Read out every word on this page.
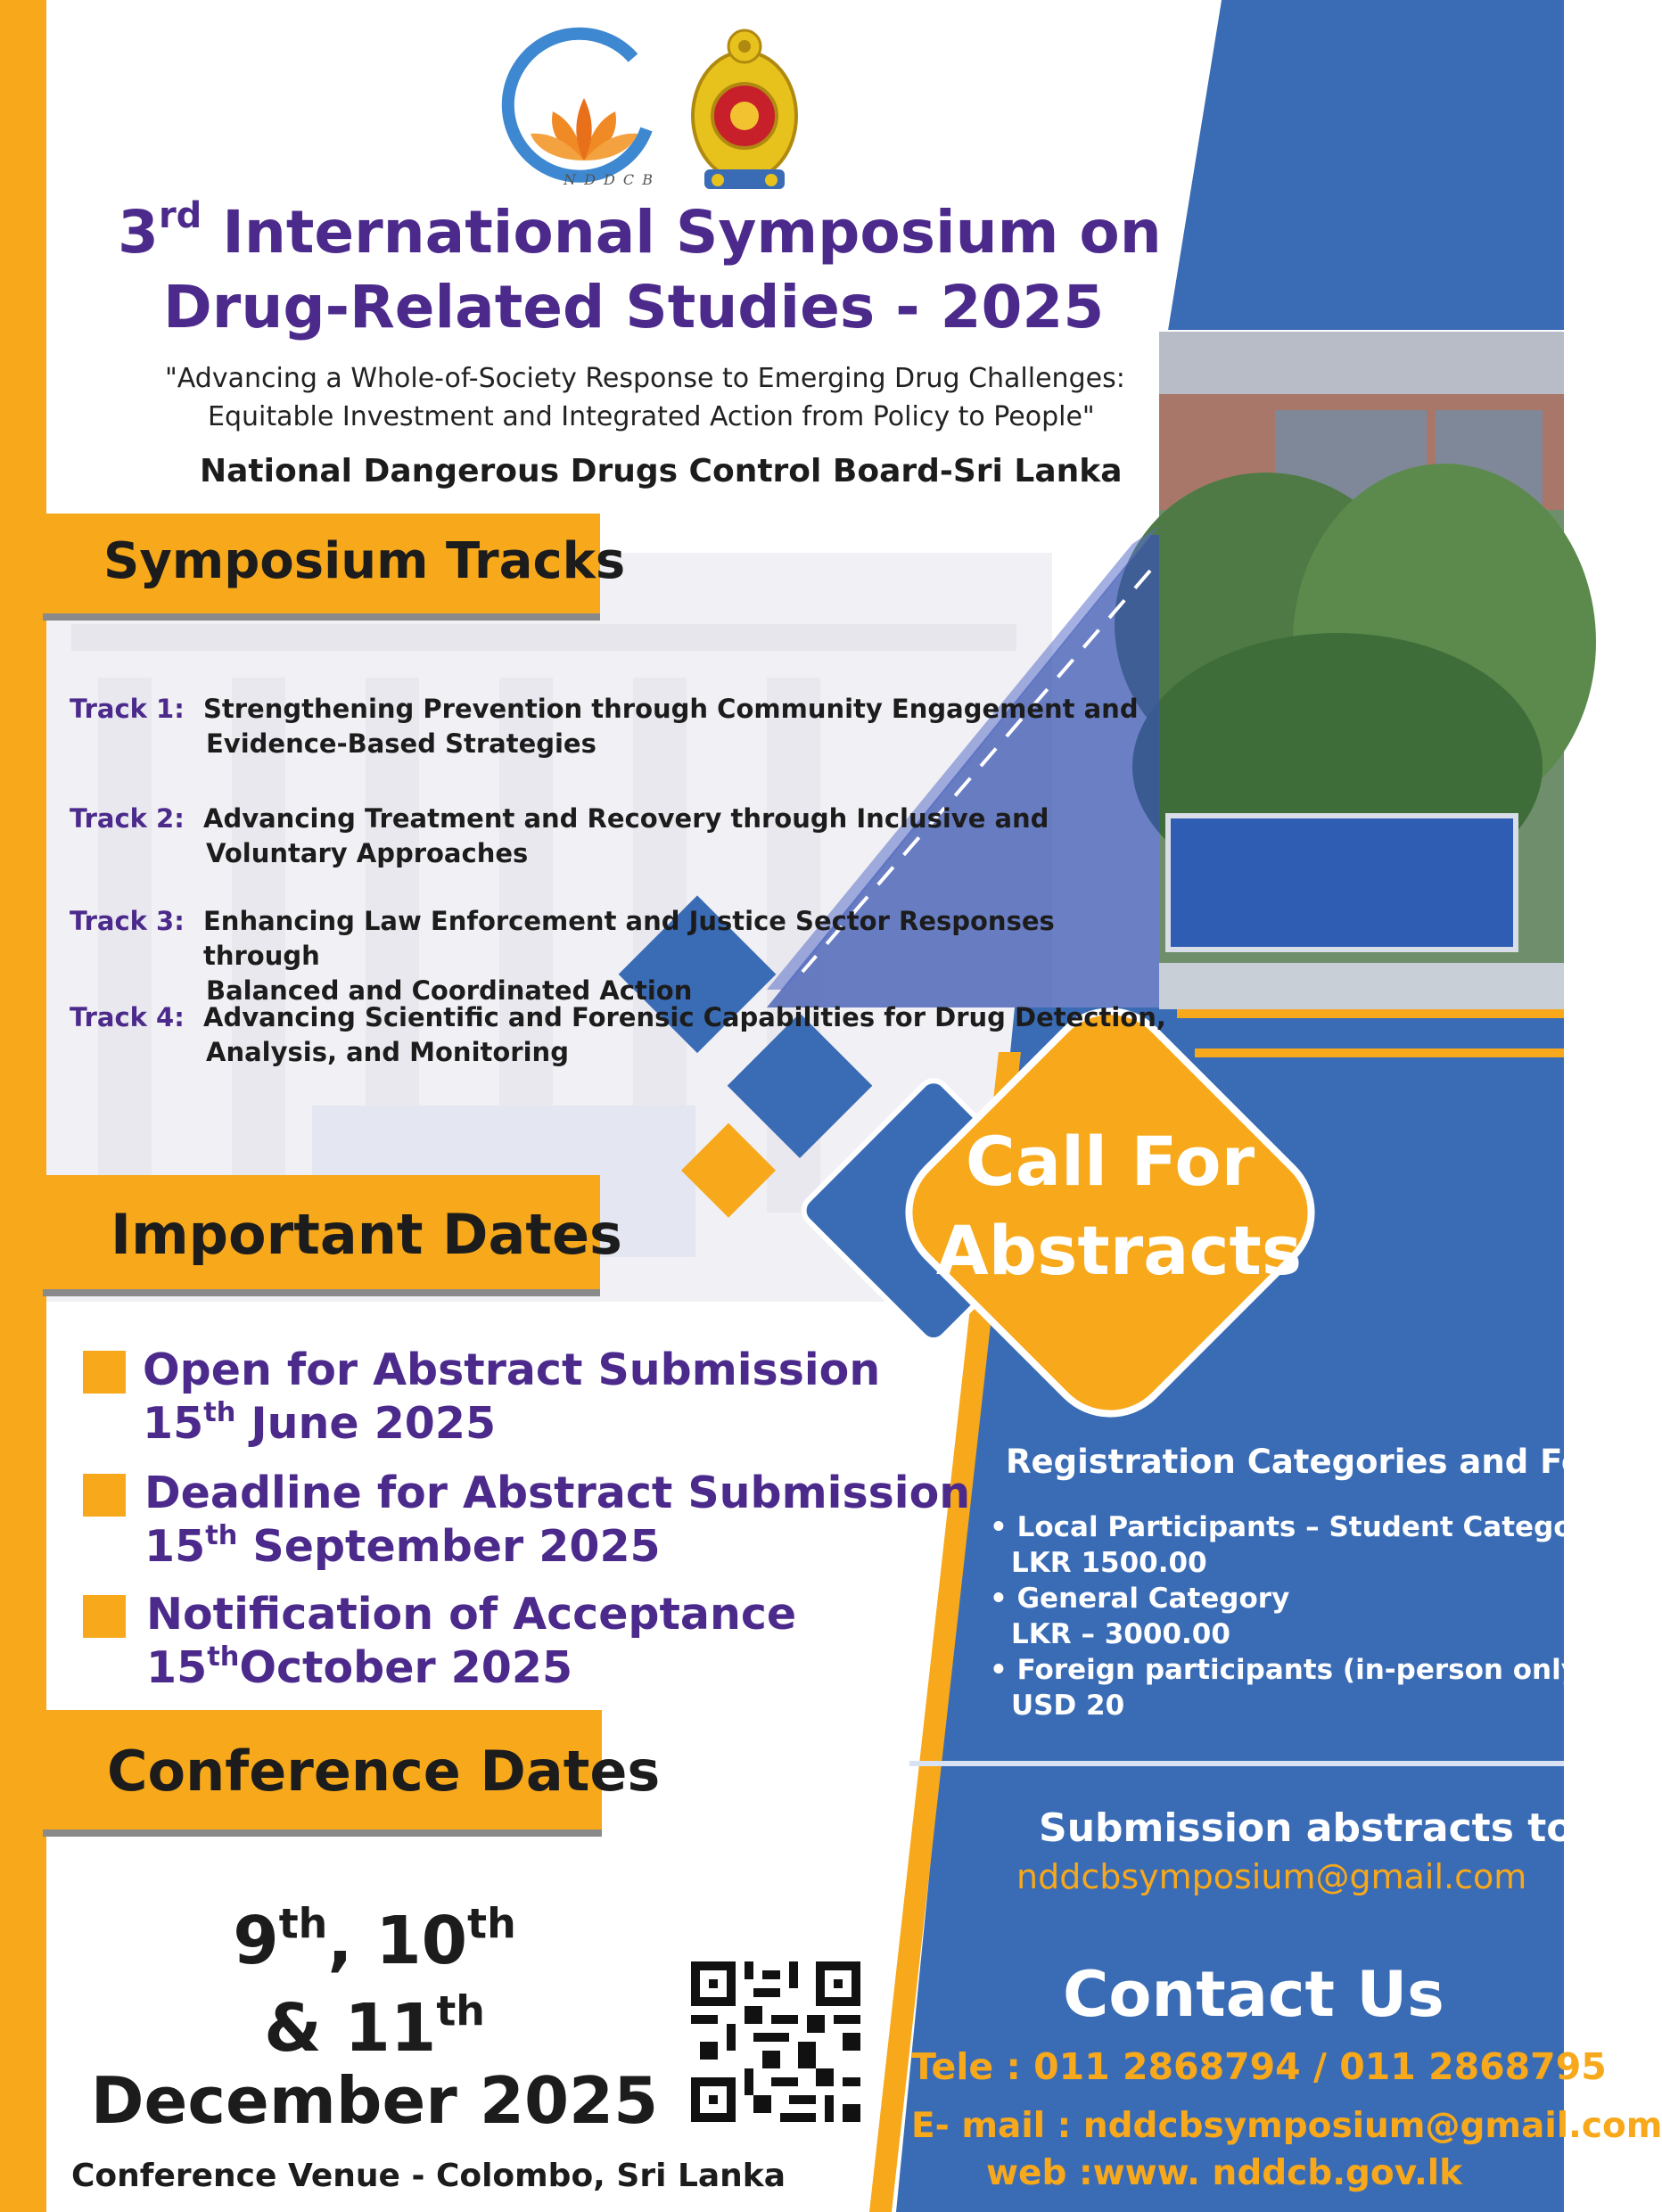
N D D C B
3rd International Symposium on
Drug-Related Studies - 2025
"Advancing a Whole-of-Society Response to Emerging Drug Challenges:
Equitable Investment and Integrated Action from Policy to People"
National Dangerous Drugs Control Board-Sri Lanka
Symposium Tracks
Track 1: Strengthening Prevention through Community Engagement and
Evidence-Based Strategies
Track 2: Advancing Treatment and Recovery through Inclusive and
Voluntary Approaches
Track 3: Enhancing Law Enforcement and Justice Sector Responses through
Balanced and Coordinated Action
Track 4: Advancing Scientific and Forensic Capabilities for Drug Detection,
Analysis, and Monitoring
Important Dates
Open for Abstract Submission
15th June 2025
Deadline for Abstract Submission
15th September 2025
Notification of Acceptance
15thOctober 2025
Conference Dates
9th, 10th
& 11th
December 2025
Conference Venue - Colombo, Sri Lanka
Call For
Abstracts
Registration Categories and Fees
• Local Participants – Student Category
LKR 1500.00
• General Category
LKR – 3000.00
• Foreign participants (in-person only)
USD 20
Submission abstracts to
nddcbsymposium@gmail.com
Contact Us
Tele : 011 2868794 / 011 2868795
E- mail : nddcbsymposium@gmail.com
web :www. nddcb.gov.lk
